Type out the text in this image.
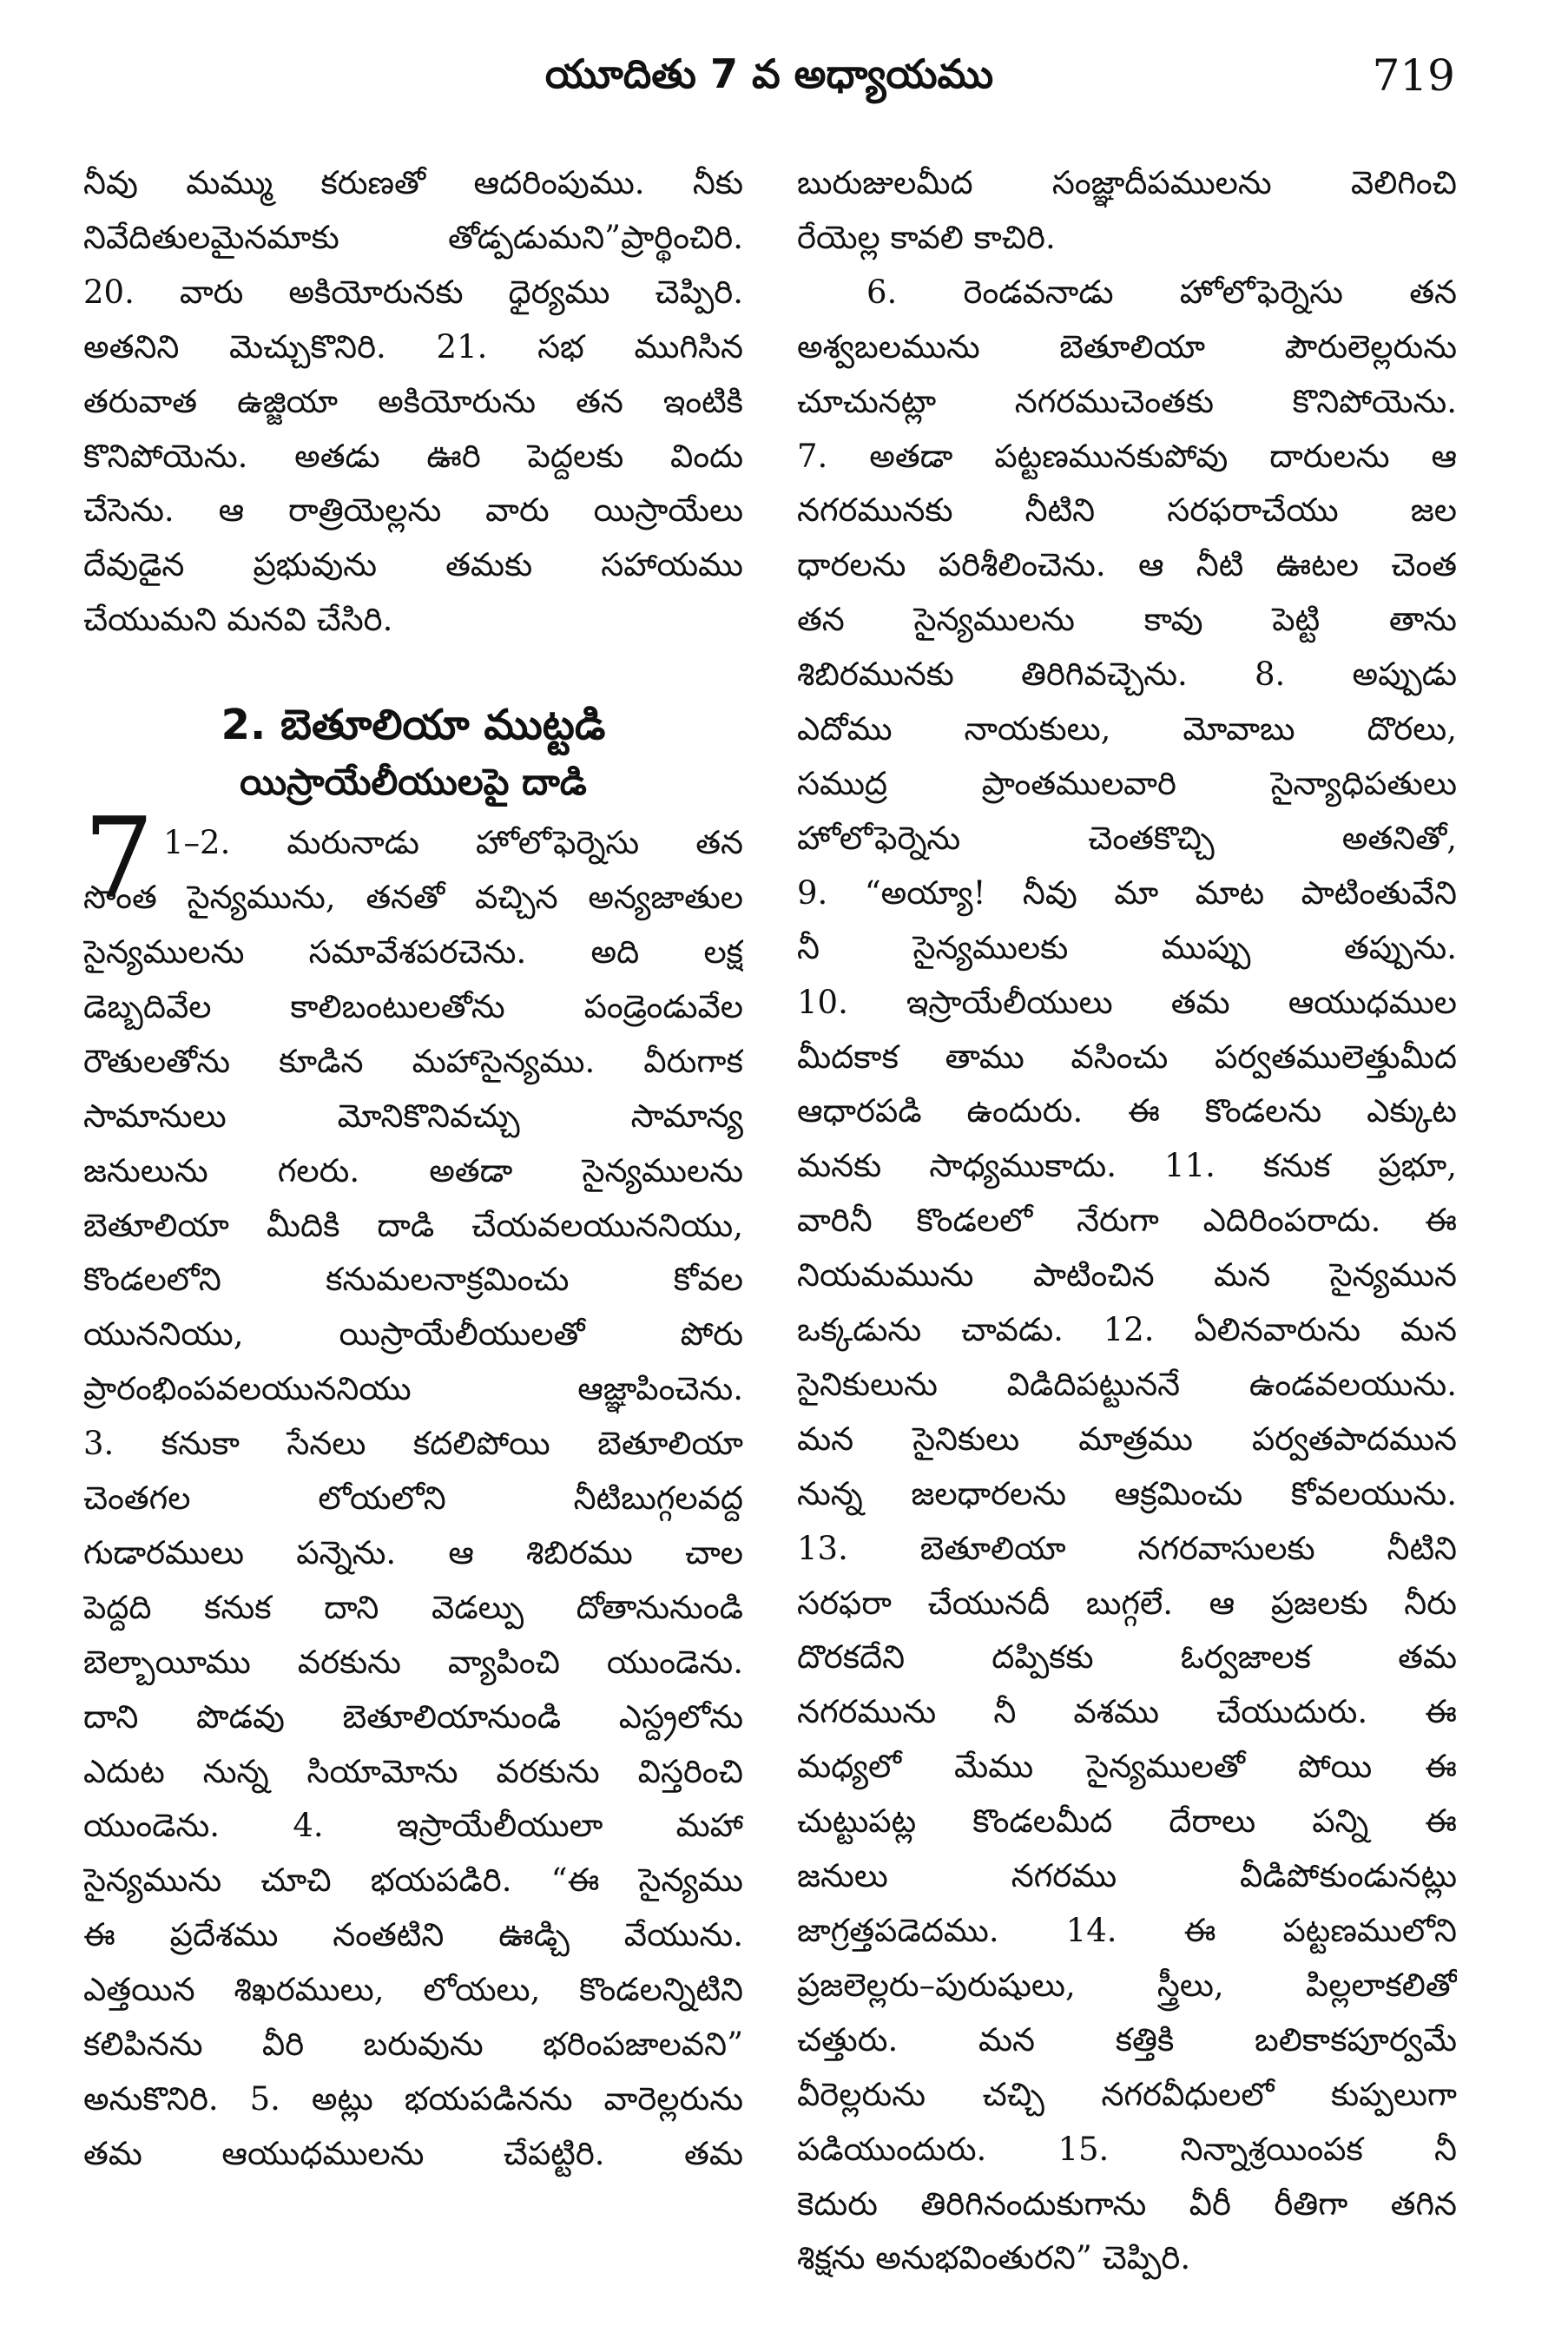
యూదితు 7 వ అధ్యాయము	719
నీవు మమ్ము కరుణతో ఆదరింపుము. నీకు
నివేదితులమైనమాకు తోడ్పడుమని”ప్రార్థించిరి.
20. వారు అకియోరునకు ధైర్యము చెప్పిరి.
అతనిని మెచ్చుకొనిరి. 21. సభ ముగిసిన
తరువాత ఉజ్జియా అకియోరును తన ఇంటికి
కొనిపోయెను. అతడు ఊరి పెద్దలకు విందు
చేసెను. ఆ రాత్రియెల్లను వారు యిస్రాయేలు
దేవుడైన ప్రభువును తమకు సహాయము
చేయుమని మనవి చేసిరి.
2. బెతూలియా ముట్టడి
యిస్రాయేలీయులపై దాడి
7 1–2. మరునాడు హోలోఫెర్నెసు తన
సొంత సైన్యమును, తనతో వచ్చిన అన్యజాతుల
సైన్యములను సమావేశపరచెను. అది లక్ష
డెబ్బదివేల కాలిబంటులతోను పండ్రెండువేల
రౌతులతోను కూడిన మహాసైన్యము. వీరుగాక
సామానులు మోనికొనివచ్చు సామాన్య
జనులును గలరు. అతడా సైన్యములను
బెతూలియా మీదికి దాడి చేయవలయుననియు,
కొండలలోని కనుమలనాక్రమించు కోవల
యుననియు, యిస్రాయేలీయులతో పోరు
ప్రారంభింపవలయుననియు ఆజ్ఞాపించెను.
3. కనుకా సేనలు కదలిపోయి బెతూలియా
చెంతగల లోయలోని నీటిబుగ్గలవద్ద
గుడారములు పన్నెను. ఆ శిబిరము చాల
పెద్దది కనుక దాని వెడల్పు దోతానునుండి
బెల్బాయీము వరకును వ్యాపించి యుండెను.
దాని పొడవు బెతూలియానుండి ఎస్ద్రలోను
ఎదుట నున్న సియామోను వరకును విస్తరించి
యుండెను. 4. ఇస్రాయేలీయులా మహా
సైన్యమును చూచి భయపడిరి. “ఈ సైన్యము
ఈ ప్రదేశము నంతటిని ఊడ్చి వేయును.
ఎత్తయిన శిఖరములు, లోయలు, కొండలన్నిటిని
కలిపినను వీరి బరువును భరింపజాలవని”
అనుకొనిరి. 5. అట్లు భయపడినను వారెల్లరును
తమ ఆయుధములను చేపట్టిరి. తమ
బురుజులమీద సంజ్ఞాదీపములను వెలిగించి
రేయెల్ల కావలి కాచిరి.
6. రెండవనాడు హోలోఫెర్నెసు తన
అశ్వబలమును బెతూలియా పౌరులెల్లరును
చూచునట్లా నగరముచెంతకు కొనిపోయెను.
7. అతడా పట్టణమునకుపోవు దారులను ఆ
నగరమునకు నీటిని సరఫరాచేయు జల
ధారలను పరిశీలించెను. ఆ నీటి ఊటల చెంత
తన సైన్యములను కావు పెట్టి తాను
శిబిరమునకు తిరిగివచ్చెను. 8. అప్పుడు
ఎదోము నాయకులు, మోవాబు దొరలు,
సముద్ర ప్రాంతములవారి సైన్యాధిపతులు
హోలోఫెర్నెను చెంతకొచ్చి అతనితో,
9. “అయ్యా! నీవు మా మాట పాటింతువేని
నీ సైన్యములకు ముప్పు తప్పును.
10. ఇస్రాయేలీయులు తమ ఆయుధముల
మీదకాక తాము వసించు పర్వతములెత్తుమీద
ఆధారపడి ఉందురు. ఈ కొండలను ఎక్కుట
మనకు సాధ్యముకాదు. 11. కనుక ప్రభూ,
వారినీ కొండలలో నేరుగా ఎదిరింపరాదు. ఈ
నియమమును పాటించిన మన సైన్యమున
ఒక్కడును చావడు. 12. ఏలినవారును మన
సైనికులును విడిదిపట్టుననే ఉండవలయును.
మన సైనికులు మాత్రము పర్వతపాదమున
నున్న జలధారలను ఆక్రమించు కోవలయును.
13. బెతూలియా నగరవాసులకు నీటిని
సరఫరా చేయునదీ బుగ్గలే. ఆ ప్రజలకు నీరు
దొరకదేని దప్పికకు ఓర్వజాలక తమ
నగరమును నీ వశము చేయుదురు. ఈ
మధ్యలో మేము సైన్యములతో పోయి ఈ
చుట్టుపట్ల కొండలమీద దేరాలు పన్ని ఈ
జనులు నగరము వీడిపోకుండునట్లు
జాగ్రత్తపడెదము. 14. ఈ పట్టణములోని
ప్రజలెల్లరు–పురుషులు, స్త్రీలు, పిల్లలాకలితో
చత్తురు. మన కత్తికి బలికాకపూర్వమే
వీరెల్లరును చచ్చి నగరవీధులలో కుప్పలుగా
పడియుందురు. 15. నిన్నాశ్రయింపక నీ
కెదురు తిరిగినందుకుగాను వీరీ రీతిగా తగిన
శిక్షను అనుభవింతురని” చెప్పిరి.
